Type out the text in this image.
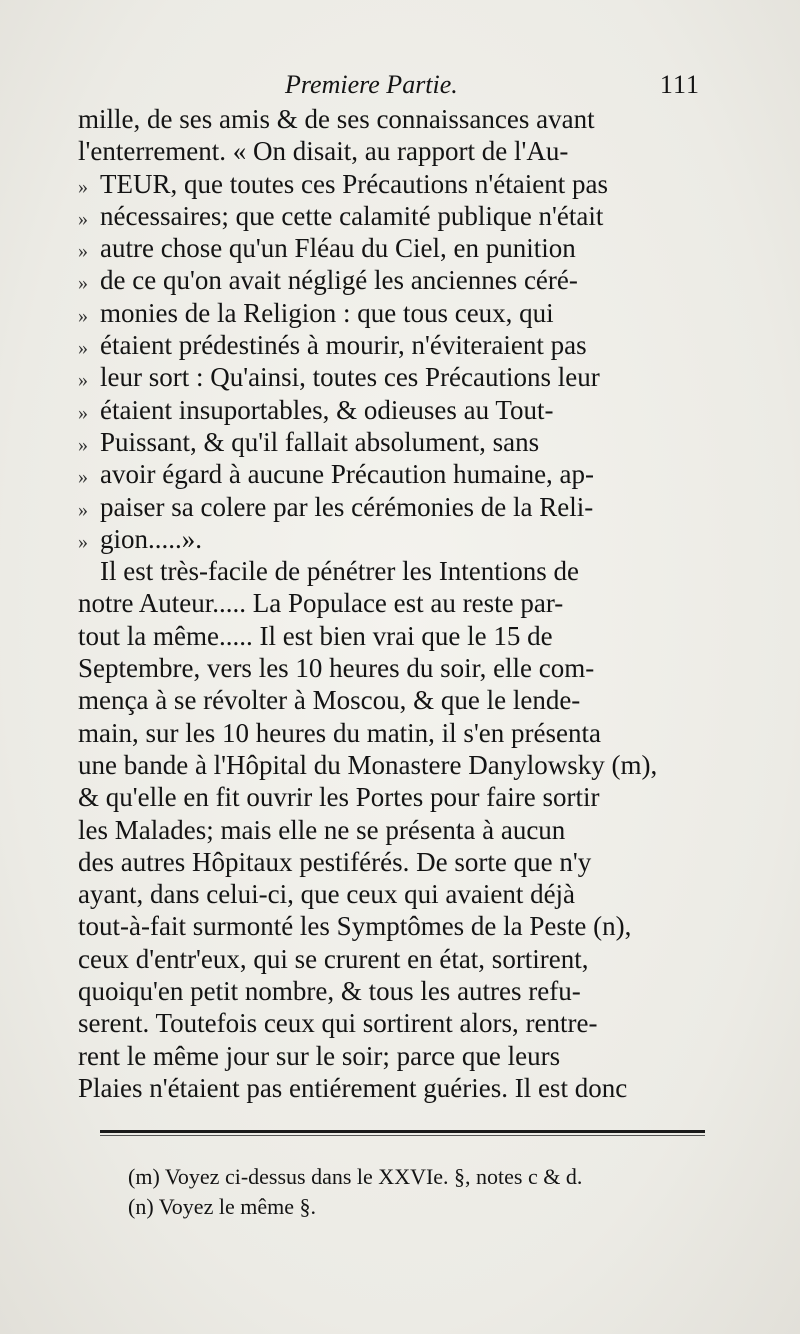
Premiere Partie.	111
mille, de ses amis & de ses connaissances avant
l'enterrement. « On disait, au rapport de l'Au-
» TEUR, que toutes ces Précautions n'étaient pas
» nécessaires; que cette calamité publique n'était
» autre chose qu'un Fléau du Ciel, en punition
» de ce qu'on avait négligé les anciennes céré-
» monies de la Religion : que tous ceux, qui
» étaient prédestinés à mourir, n'éviteraient pas
» leur sort : Qu'ainsi, toutes ces Précautions leur
» étaient insuportables, & odieuses au Tout-
» Puissant, & qu'il fallait absolument, sans
» avoir égard à aucune Précaution humaine, ap-
» paiser sa colere par les cérémonies de la Reli-
» gion.....».
Il est très-facile de pénétrer les Intentions de
notre Auteur..... La Populace est au reste par-
tout la même..... Il est bien vrai que le 15 de
Septembre, vers les 10 heures du soir, elle com-
mença à se révolter à Moscou, & que le lende-
main, sur les 10 heures du matin, il s'en présenta
une bande à l'Hôpital du Monastere Danylowsky (m),
& qu'elle en fit ouvrir les Portes pour faire sortir
les Malades; mais elle ne se présenta à aucun
des autres Hôpitaux pestiférés. De sorte que n'y
ayant, dans celui-ci, que ceux qui avaient déjà
tout-à-fait surmonté les Symptômes de la Peste (n),
ceux d'entr'eux, qui se crurent en état, sortirent,
quoiqu'en petit nombre, & tous les autres refu-
serent. Toutefois ceux qui sortirent alors, rentre-
rent le même jour sur le soir; parce que leurs
Plaies n'étaient pas entiérement guéries. Il est donc
(m) Voyez ci-dessus dans le XXVIe. §, notes c & d.
(n) Voyez le même §.
